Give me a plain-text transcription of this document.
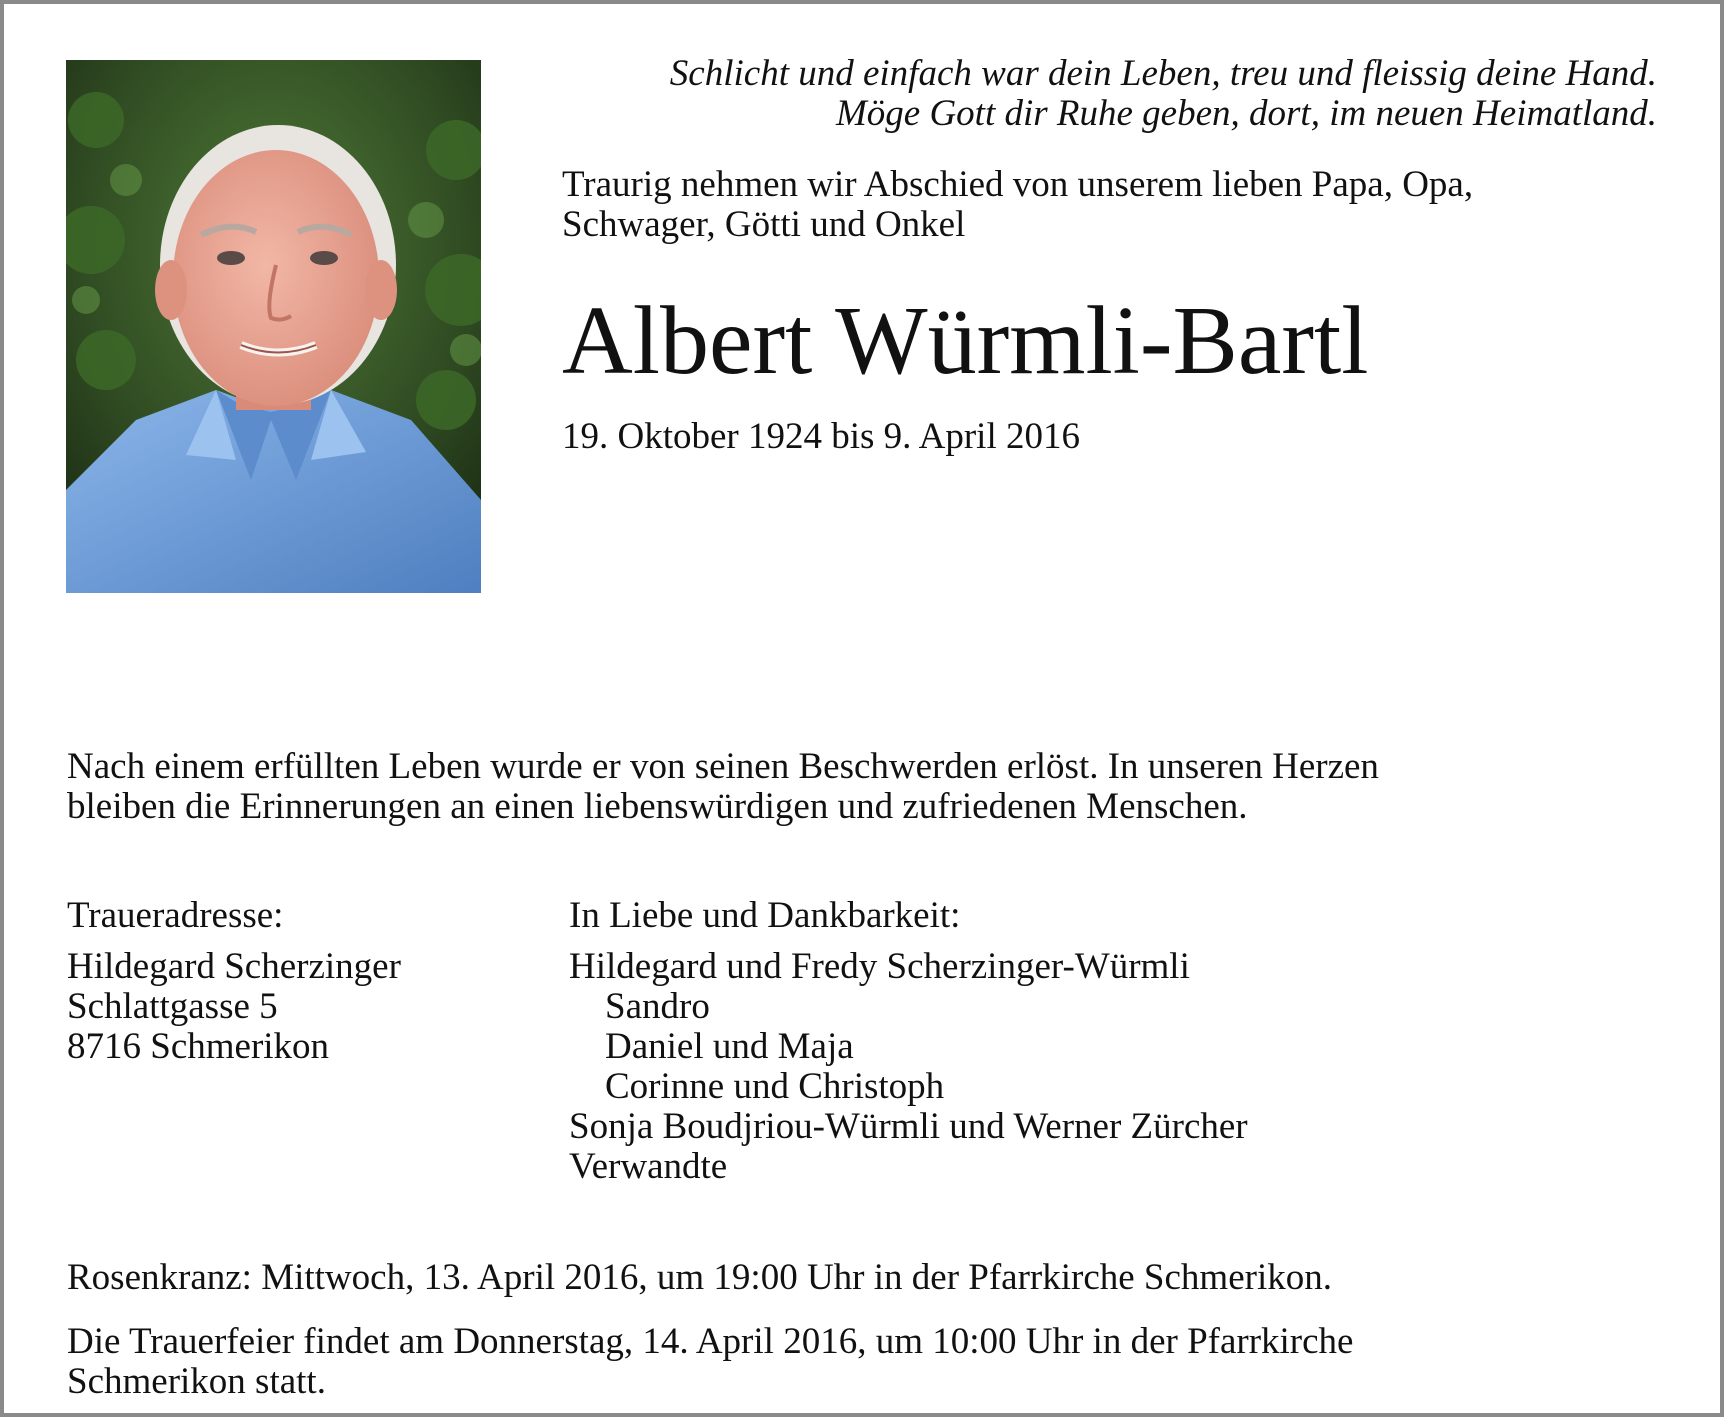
Schlicht und einfach war dein Leben, treu und fleissig deine Hand.
Möge Gott dir Ruhe geben, dort, im neuen Heimatland.
Traurig nehmen wir Abschied von unserem lieben Papa, Opa,
Schwager, Götti und Onkel
Albert Würmli-Bartl
19. Oktober 1924 bis 9. April 2016
Nach einem erfüllten Leben wurde er von seinen Beschwerden erlöst. In unseren Herzen
bleiben die Erinnerungen an einen liebenswürdigen und zufriedenen Menschen.
Traueradresse:
Hildegard Scherzinger
Schlattgasse 5
8716 Schmerikon
In Liebe und Dankbarkeit:
Hildegard und Fredy Scherzinger-Würmli
Sandro
Daniel und Maja
Corinne und Christoph
Sonja Boudjriou-Würmli und Werner Zürcher
Verwandte
Rosenkranz: Mittwoch, 13. April 2016, um 19:00 Uhr in der Pfarrkirche Schmerikon.
Die Trauerfeier findet am Donnerstag, 14. April 2016, um 10:00 Uhr in der Pfarrkirche
Schmerikon statt.
